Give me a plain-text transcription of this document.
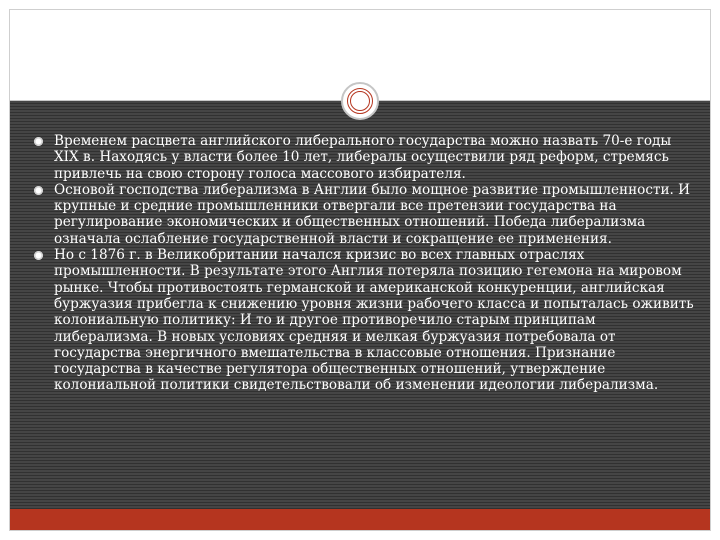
Временем расцвета английского либерального государства можно назвать 70-е годы XIX в. Находясь у власти более 10 лет, либералы осуществили ряд реформ, стремясь привлечь на свою сторону голоса массового избирателя.
Основой господства либерализма в Англии было мощное развитие промышленности. И крупные и средние промышленники отвергали все претензии государства на регулирование экономических и общественных отношений. Победа либерализма означала ослабление государственной власти и сокращение ее применения.
Но с 1876 г. в Великобритании начался кризис во всех главных отраслях промышленности. В результате этого Англия потеряла позицию гегемона на мировом рынке. Чтобы противостоять германской и американской конкуренции, английская буржуазия прибегла к снижению уровня жизни рабочего класса и попыталась оживить колониальную политику: И то и другое противоречило старым принципам либерализма. В новых условиях средняя и мелкая буржуазия потребовала от государства энергичного вмешательства в классовые отношения. Признание государства в качестве регулятора общественных отношений, утверждение колониальной политики свидетельствовали об изменении идеологии либерализма.
